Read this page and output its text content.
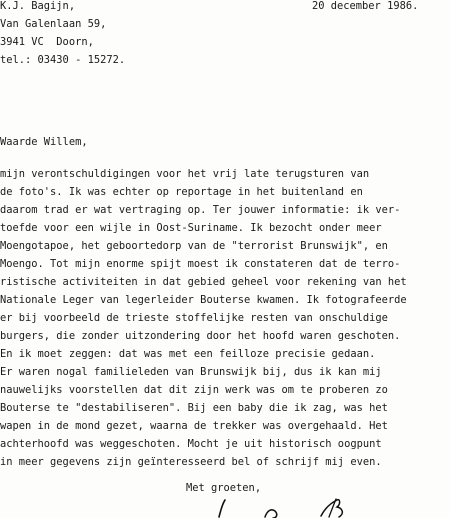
K.J. Bagijn,
Van Galenlaan 59,
3941 VC  Doorn,
tel.: 03430 - 15272.
20 december 1986.
Waarde Willem,
mijn verontschuldigingen voor het vrij late terugsturen van
de foto's. Ik was echter op reportage in het buitenland en
daarom trad er wat vertraging op. Ter jouwer informatie: ik ver-
toefde voor een wijle in Oost-Suriname. Ik bezocht onder meer
Moengotapoe, het geboortedorp van de "terrorist Brunswijk", en
Moengo. Tot mijn enorme spijt moest ik constateren dat de terro-
ristische activiteiten in dat gebied geheel voor rekening van het
Nationale Leger van legerleider Bouterse kwamen. Ik fotografeerde
er bij voorbeeld de trieste stoffelijke resten van onschuldige
burgers, die zonder uitzondering door het hoofd waren geschoten.
En ik moet zeggen: dat was met een feilloze precisie gedaan.
Er waren nogal familieleden van Brunswijk bij, dus ik kan mij
nauwelijks voorstellen dat dit zijn werk was om te proberen zo
Bouterse te "destabiliseren". Bij een baby die ik zag, was het
wapen in de mond gezet, waarna de trekker was overgehaald. Het
achterhoofd was weggeschoten. Mocht je uit historisch oogpunt
in meer gegevens zijn geïnteresseerd bel of schrijf mij even.
Met groeten,
